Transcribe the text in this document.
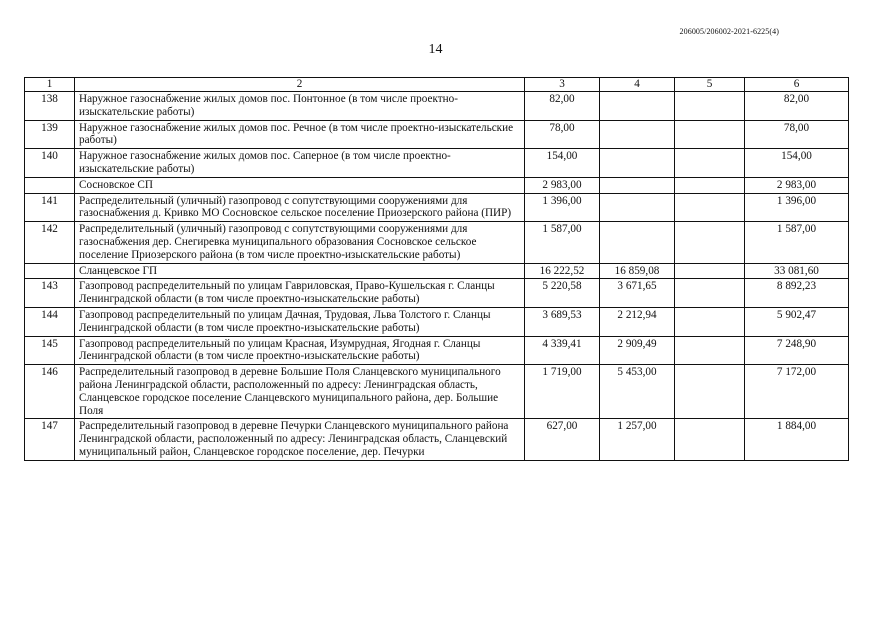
206005/206002-2021-6225(4)
14
1	2	3	4	5	6
138	Наружное газоснабжение жилых домов пос. Понтонное (в том числе проектно-изыскательские работы)	82,00			82,00
139	Наружное газоснабжение жилых домов пос. Речное (в том числе проектно-изыскательские работы)	78,00			78,00
140	Наружное газоснабжение жилых домов пос. Саперное (в том числе проектно-изыскательские работы)	154,00			154,00
	Сосновское СП	2 983,00			2 983,00
141	Распределительный (уличный) газопровод с сопутствующими сооружениями для газоснабжения д. Кривко МО Сосновское сельское поселение Приозерского района (ПИР)	1 396,00			1 396,00
142	Распределительный (уличный) газопровод с сопутствующими сооружениями для газоснабжения дер. Снегиревка муниципального образования Сосновское сельское поселение Приозерского района (в том числе проектно-изыскательские работы)	1 587,00			1 587,00
	Сланцевское ГП	16 222,52	16 859,08		33 081,60
143	Газопровод распределительный по улицам Гавриловская, Право-Кушельская г. Сланцы Ленинградской области (в том числе проектно-изыскательские работы)	5 220,58	3 671,65		8 892,23
144	Газопровод распределительный по улицам Дачная, Трудовая, Льва Толстого г. Сланцы Ленинградской области (в том числе проектно-изыскательские работы)	3 689,53	2 212,94		5 902,47
145	Газопровод распределительный по улицам Красная, Изумрудная, Ягодная г. Сланцы Ленинградской области (в том числе проектно-изыскательские работы)	4 339,41	2 909,49		7 248,90
146	Распределительный газопровод в деревне Большие Поля Сланцевского муниципального района Ленинградской области, расположенный по адресу: Ленинградская область, Сланцевское городское поселение Сланцевского муниципального района, дер. Большие Поля	1 719,00	5 453,00		7 172,00
147	Распределительный газопровод в деревне Печурки Сланцевского муниципального района Ленинградской области, расположенный по адресу: Ленинградская область, Сланцевский муниципальный район, Сланцевское городское поселение, дер. Печурки	627,00	1 257,00		1 884,00
